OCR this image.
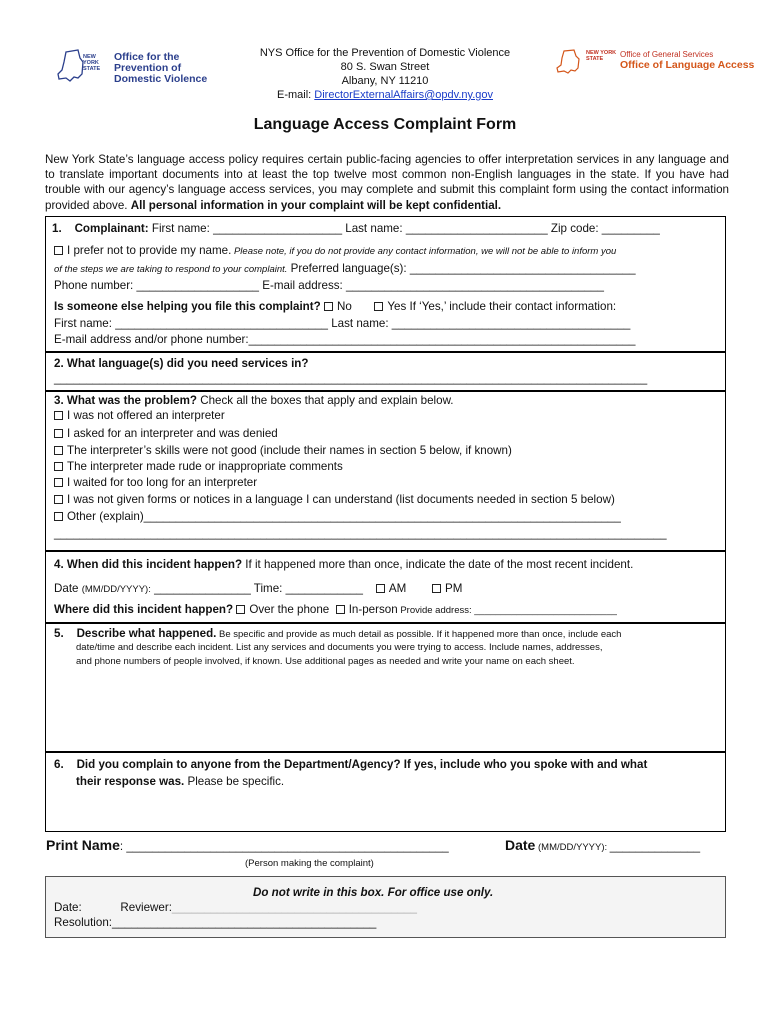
NEW
YORK
STATE
Office for the
Prevention of
Domestic Violence
NYS Office for the Prevention of Domestic Violence
80 S. Swan Street
Albany, NY 11210
E-mail: DirectorExternalAffairs@opdv.ny.gov
NEW YORK
STATE	Office of General Services
Office of Language Access
Language Access Complaint Form
New York State’s language access policy requires certain public-facing agencies to offer interpretation services in any language and to translate important documents into at least the top twelve most common non-English languages in the state. If you have had trouble with our agency’s language access services, you may complete and submit this complaint form using the contact information provided above. All personal information in your complaint will be kept confidential.
1. Complainant: First name: ____________________ Last name: ______________________ Zip code: _________
I prefer not to provide my name. Please note, if you do not provide any contact information, we will not be able to inform you
of the steps we are taking to respond to your complaint. Preferred language(s): ___________________________________
Phone number: ___________________ E-mail address: ________________________________________
Is someone else helping you file this complaint? No	Yes If ‘Yes,’ include their contact information:
First name: _________________________________ Last name: _____________________________________
E-mail address and/or phone number:____________________________________________________________
2. What language(s) did you need services in?
____________________________________________________________________________________________
3. What was the problem? Check all the boxes that apply and explain below.
I was not offered an interpreter
I asked for an interpreter and was denied
The interpreter’s skills were not good (include their names in section 5 below, if known)
The interpreter made rude or inappropriate comments
I waited for too long for an interpreter
I was not given forms or notices in a language I can understand (list documents needed in section 5 below)
Other (explain)__________________________________________________________________________
_______________________________________________________________________________________________
4. When did this incident happen? If it happened more than once, indicate the date of the most recent incident.
Date (MM/DD/YYYY): _______________ Time: ____________ AM	PM
Where did this incident happen? Over the phone In-person Provide address: ___________________________
5. Describe what happened. Be specific and provide as much detail as possible. If it happened more than once, include each
date/time and describe each incident. List any services and documents you were trying to access. Include names, addresses,
and phone numbers of people involved, if known. Use additional pages as needed and write your name on each sheet.
6. Did you complain to anyone from the Department/Agency? If yes, include who you spoke with and what
their response was. Please be specific.
Print Name: __________________________________________________	Date (MM/DD/YYYY): ______________
(Person making the complaint)
Do not write in this box. For office use only.
Date:	Reviewer:______________________________________
Resolution:_________________________________________
